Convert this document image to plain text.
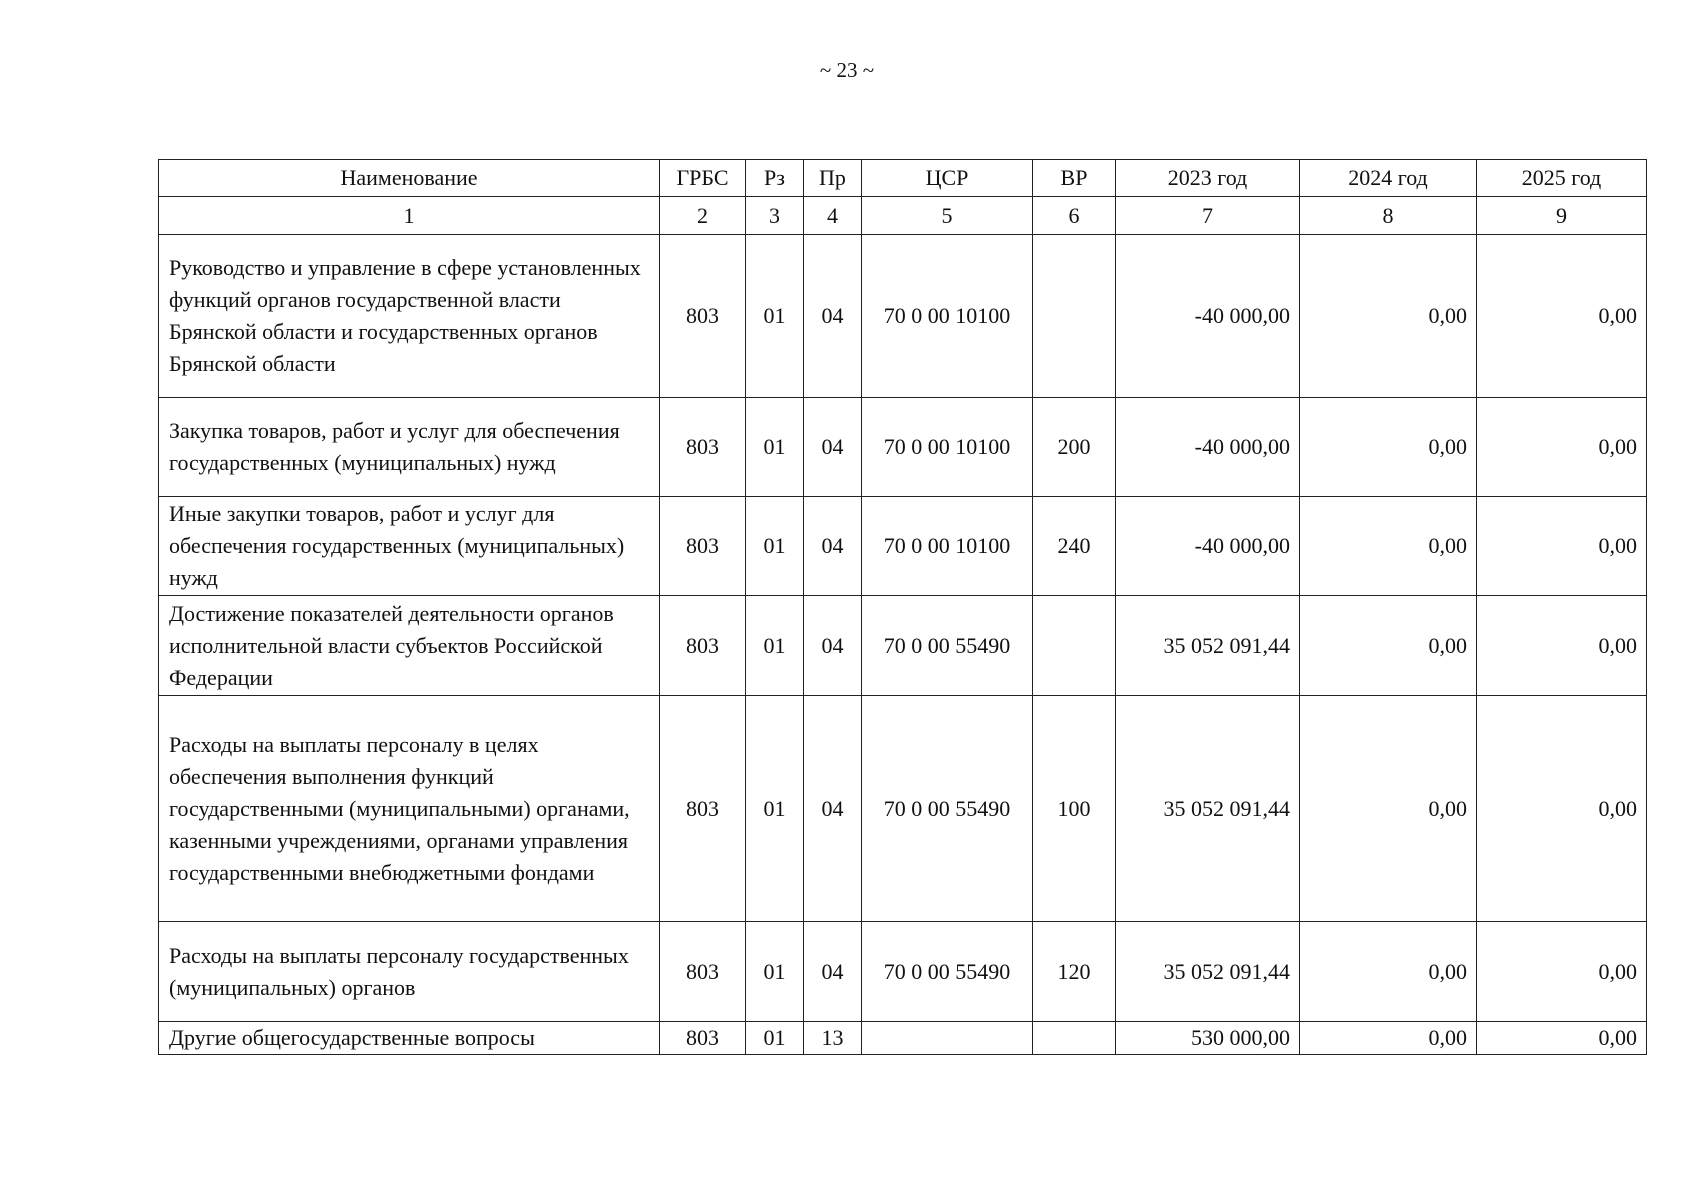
~ 23 ~
Наименование	ГРБС	Рз	Пр	ЦСР	ВР	2023 год	2024 год	2025 год
1	2	3	4	5	6	7	8	9
Руководство и управление в сфере установленных функций органов государственной власти Брянской области и государственных органов Брянской области	803	01	04	70 0 00 10100		-40 000,00	0,00	0,00
Закупка товаров, работ и услуг для обеспечения государственных (муниципальных) нужд	803	01	04	70 0 00 10100	200	-40 000,00	0,00	0,00
Иные закупки товаров, работ и услуг для обеспечения государственных (муниципальных) нужд	803	01	04	70 0 00 10100	240	-40 000,00	0,00	0,00
Достижение показателей деятельности органов исполнительной власти субъектов Российской Федерации	803	01	04	70 0 00 55490		35 052 091,44	0,00	0,00
Расходы на выплаты персоналу в целях обеспечения выполнения функций государственными (муниципальными) органами, казенными учреждениями, органами управления государственными внебюджетными фондами	803	01	04	70 0 00 55490	100	35 052 091,44	0,00	0,00
Расходы на выплаты персоналу государственных (муниципальных) органов	803	01	04	70 0 00 55490	120	35 052 091,44	0,00	0,00
Другие общегосударственные вопросы	803	01	13			530 000,00	0,00	0,00
